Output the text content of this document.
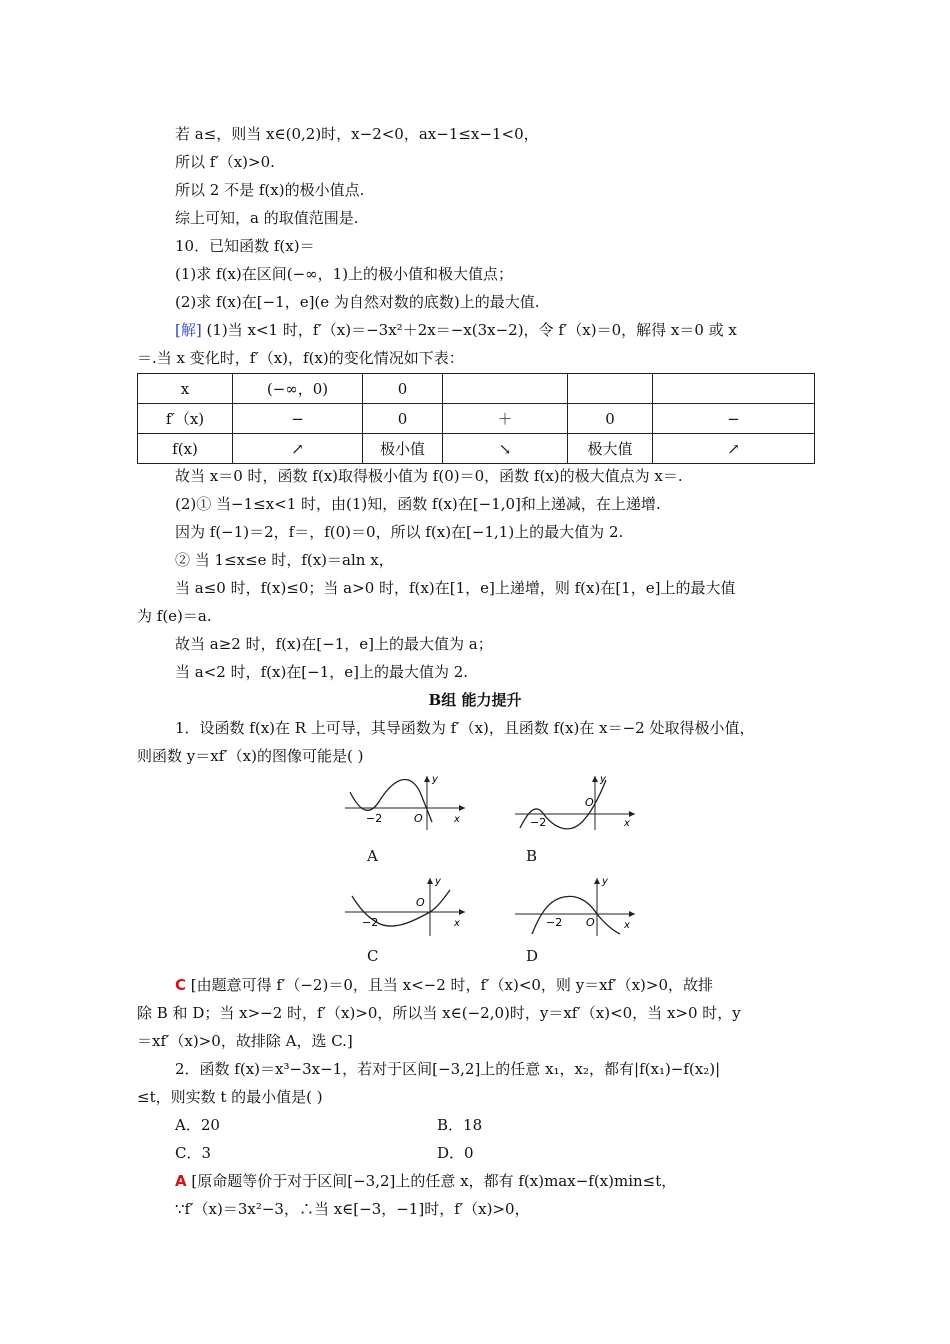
若 a≤，则当 x∈(0,2)时，x−2<0，ax−1≤x−1<0，
所以 f′（x)>0.
所以 2 不是 f(x)的极小值点.
综上可知，a 的取值范围是.
10．已知函数 f(x)＝
(1)求 f(x)在区间(−∞，1)上的极小值和极大值点；
(2)求 f(x)在[−1，e](e 为自然对数的底数)上的最大值.
[解] (1)当 x<1 时，f′（x)＝−3x²＋2x＝−x(3x−2)，令 f′（x)＝0，解得 x＝0 或 x
＝.当 x 变化时，f′（x)，f(x)的变化情况如下表：
x	(−∞，0)	0			
f′（x)	−	0	＋	0	−
f(x)	↗	极小值	↘	极大值	↗
故当 x＝0 时，函数 f(x)取得极小值为 f(0)＝0，函数 f(x)的极大值点为 x＝.
(2)① 当−1≤x<1 时，由(1)知，函数 f(x)在[−1,0]和上递减，在上递增.
因为 f(−1)＝2，f＝，f(0)＝0，所以 f(x)在[−1,1)上的最大值为 2.
② 当 1≤x≤e 时，f(x)＝aln x，
当 a≤0 时，f(x)≤0；当 a>0 时，f(x)在[1，e]上递增，则 f(x)在[1，e]上的最大值
为 f(e)＝a.
故当 a≥2 时，f(x)在[−1，e]上的最大值为 a；
当 a<2 时，f(x)在[−1，e]上的最大值为 2.
B组 能力提升
1．设函数 f(x)在 R 上可导，其导函数为 f′（x)，且函数 f(x)在 x＝−2 处取得极小值，
则函数 y＝xf′（x)的图像可能是( )
−2	O	x
y
A
−2
O
x
y
B
−2
O
x
y
C
−2 O	x
y
D
C [由题意可得 f′（−2)＝0，且当 x<−2 时，f′（x)<0，则 y＝xf′（x)>0，故排
除 B 和 D；当 x>−2 时，f′（x)>0，所以当 x∈(−2,0)时，y＝xf′（x)<0，当 x>0 时，y
＝xf′（x)>0，故排除 A，选 C.]
2．函数 f(x)＝x³−3x−1，若对于区间[−3,2]上的任意 x₁，x₂，都有|f(x₁)−f(x₂)|
≤t，则实数 t 的最小值是( )
A．20	B．18
C．3	D．0
A [原命题等价于对于区间[−3,2]上的任意 x，都有 f(x)max−f(x)min≤t，
∵f′（x)＝3x²−3，∴当 x∈[−3，−1]时，f′（x)>0，
